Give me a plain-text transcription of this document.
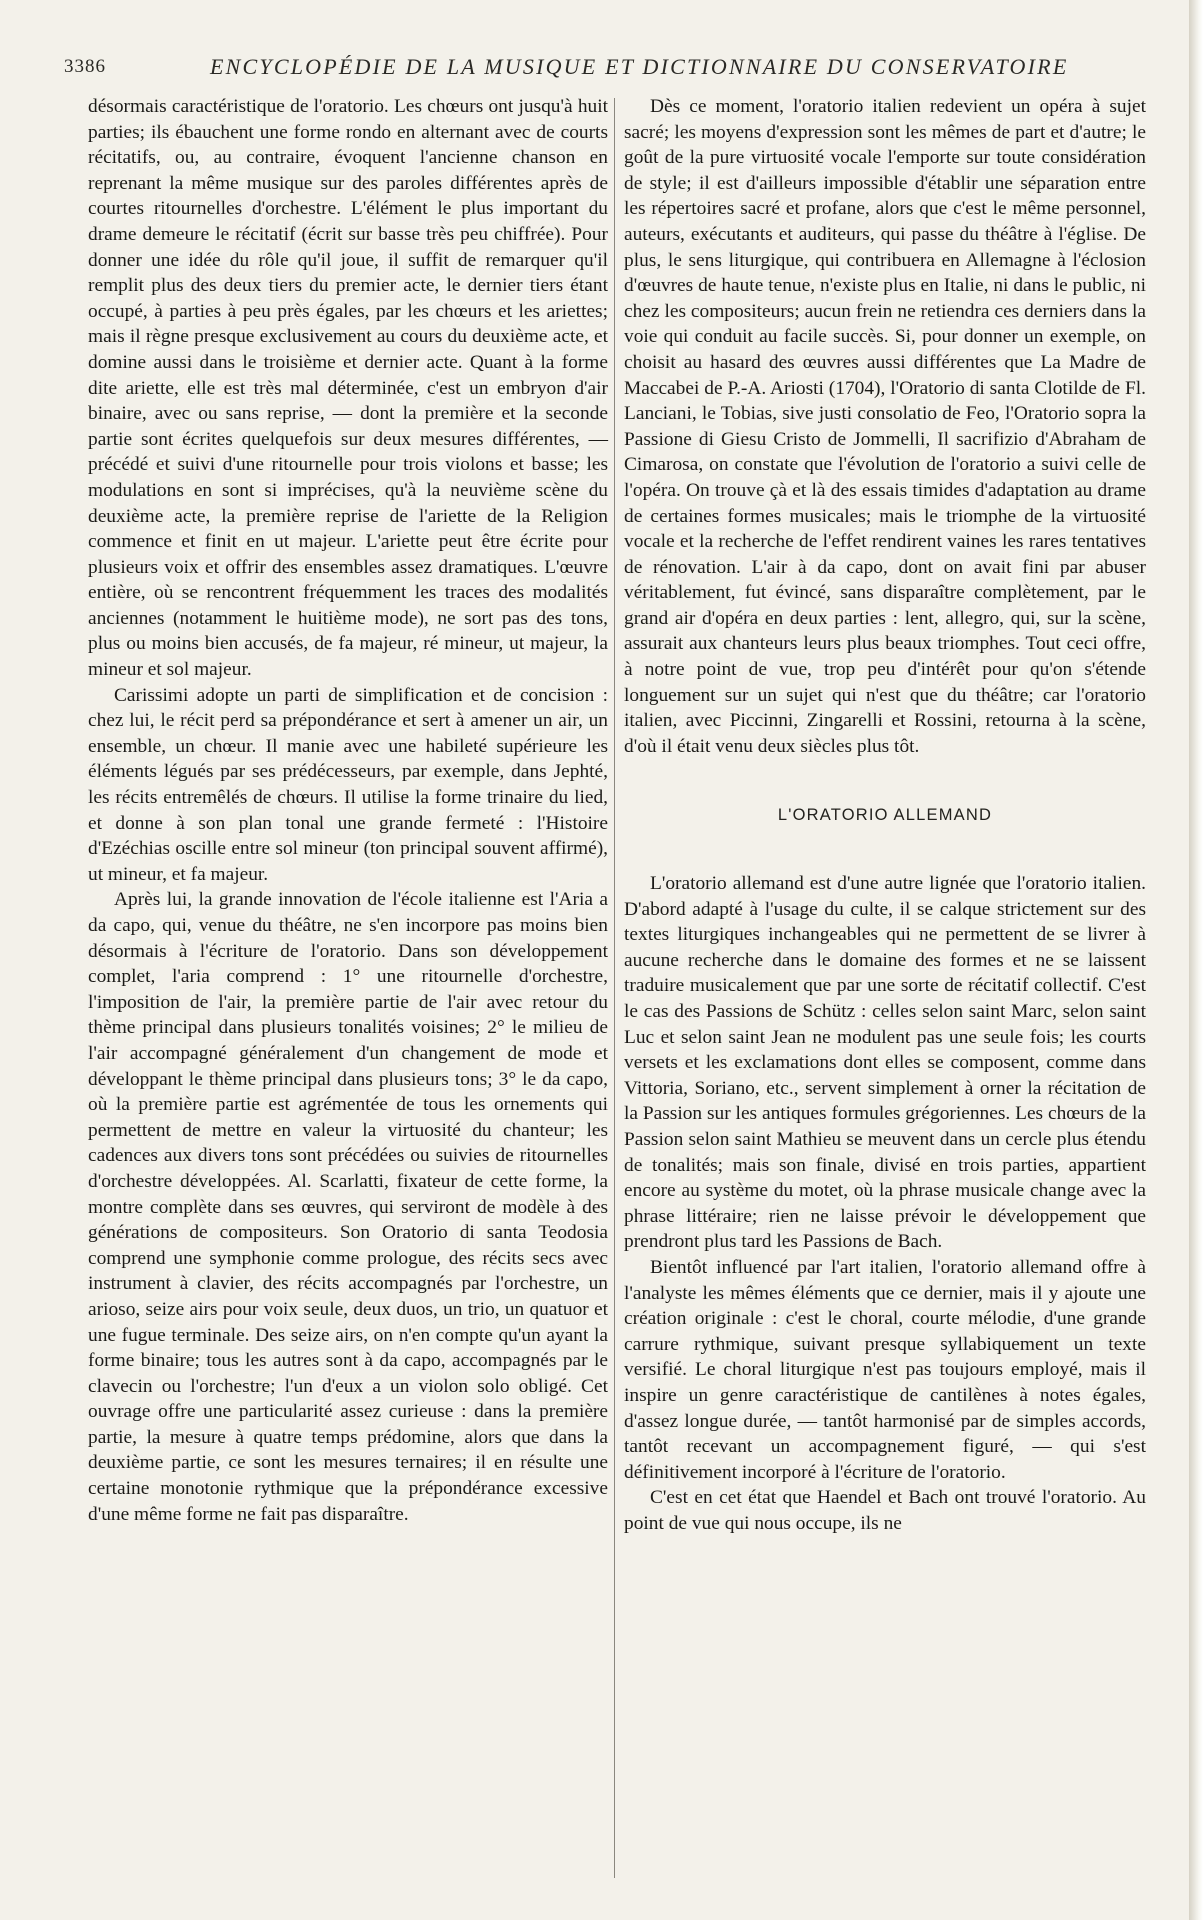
3386	ENCYCLOPÉDIE DE LA MUSIQUE ET DICTIONNAIRE DU CONSERVATOIRE

désormais caractéristique de l'oratorio. Les chœurs ont jusqu'à huit parties; ils ébauchent une forme rondo en alternant avec de courts récitatifs, ou, au contraire, évoquent l'ancienne chanson en reprenant la même musique sur des paroles différentes après de courtes ritournelles d'orchestre. L'élément le plus important du drame demeure le récitatif (écrit sur basse très peu chiffrée). Pour donner une idée du rôle qu'il joue, il suffit de remarquer qu'il remplit plus des deux tiers du premier acte, le dernier tiers étant occupé, à parties à peu près égales, par les chœurs et les ariettes; mais il règne presque exclusivement au cours du deuxième acte, et domine aussi dans le troisième et dernier acte. Quant à la forme dite ariette, elle est très mal déterminée, c'est un embryon d'air binaire, avec ou sans reprise, — dont la première et la seconde partie sont écrites quelquefois sur deux mesures différentes, — précédé et suivi d'une ritournelle pour trois violons et basse; les modulations en sont si imprécises, qu'à la neuvième scène du deuxième acte, la première reprise de l'ariette de la Religion commence et finit en ut majeur. L'ariette peut être écrite pour plusieurs voix et offrir des ensembles assez dramatiques. L'œuvre entière, où se rencontrent fréquemment les traces des modalités anciennes (notamment le huitième mode), ne sort pas des tons, plus ou moins bien accusés, de fa majeur, ré mineur, ut majeur, la mineur et sol majeur.

Carissimi adopte un parti de simplification et de concision : chez lui, le récit perd sa prépondérance et sert à amener un air, un ensemble, un chœur. Il manie avec une habileté supérieure les éléments légués par ses prédécesseurs, par exemple, dans Jephté, les récits entremêlés de chœurs. Il utilise la forme trinaire du lied, et donne à son plan tonal une grande fermeté : l'Histoire d'Ezéchias oscille entre sol mineur (ton principal souvent affirmé), ut mineur, et fa majeur.

Après lui, la grande innovation de l'école italienne est l'Aria a da capo, qui, venue du théâtre, ne s'en incorpore pas moins bien désormais à l'écriture de l'oratorio. Dans son développement complet, l'aria comprend : 1° une ritournelle d'orchestre, l'imposition de l'air, la première partie de l'air avec retour du thème principal dans plusieurs tonalités voisines; 2° le milieu de l'air accompagné généralement d'un changement de mode et développant le thème principal dans plusieurs tons; 3° le da capo, où la première partie est agrémentée de tous les ornements qui permettent de mettre en valeur la virtuosité du chanteur; les cadences aux divers tons sont précédées ou suivies de ritournelles d'orchestre développées. Al. Scarlatti, fixateur de cette forme, la montre complète dans ses œuvres, qui serviront de modèle à des générations de compositeurs. Son Oratorio di santa Teodosia comprend une symphonie comme prologue, des récits secs avec instrument à clavier, des récits accompagnés par l'orchestre, un arioso, seize airs pour voix seule, deux duos, un trio, un quatuor et une fugue terminale. Des seize airs, on n'en compte qu'un ayant la forme binaire; tous les autres sont à da capo, accompagnés par le clavecin ou l'orchestre; l'un d'eux a un violon solo obligé. Cet ouvrage offre une particularité assez curieuse : dans la première partie, la mesure à quatre temps prédomine, alors que dans la deuxième partie, ce sont les mesures ternaires; il en résulte une certaine monotonie rythmique que la prépondérance excessive d'une même forme ne fait pas disparaître.

Dès ce moment, l'oratorio italien redevient un opéra à sujet sacré; les moyens d'expression sont les mêmes de part et d'autre; le goût de la pure virtuosité vocale l'emporte sur toute considération de style; il est d'ailleurs impossible d'établir une séparation entre les répertoires sacré et profane, alors que c'est le même personnel, auteurs, exécutants et auditeurs, qui passe du théâtre à l'église. De plus, le sens liturgique, qui contribuera en Allemagne à l'éclosion d'œuvres de haute tenue, n'existe plus en Italie, ni dans le public, ni chez les compositeurs; aucun frein ne retiendra ces derniers dans la voie qui conduit au facile succès. Si, pour donner un exemple, on choisit au hasard des œuvres aussi différentes que La Madre de Maccabei de P.-A. Ariosti (1704), l'Oratorio di santa Clotilde de Fl. Lanciani, le Tobias, sive justi consolatio de Feo, l'Oratorio sopra la Passione di Giesu Cristo de Jommelli, Il sacrifizio d'Abraham de Cimarosa, on constate que l'évolution de l'oratorio a suivi celle de l'opéra. On trouve çà et là des essais timides d'adaptation au drame de certaines formes musicales; mais le triomphe de la virtuosité vocale et la recherche de l'effet rendirent vaines les rares tentatives de rénovation. L'air à da capo, dont on avait fini par abuser véritablement, fut évincé, sans disparaître complètement, par le grand air d'opéra en deux parties : lent, allegro, qui, sur la scène, assurait aux chanteurs leurs plus beaux triomphes. Tout ceci offre, à notre point de vue, trop peu d'intérêt pour qu'on s'étende longuement sur un sujet qui n'est que du théâtre; car l'oratorio italien, avec Piccinni, Zingarelli et Rossini, retourna à la scène, d'où il était venu deux siècles plus tôt.

L'ORATORIO ALLEMAND

L'oratorio allemand est d'une autre lignée que l'oratorio italien. D'abord adapté à l'usage du culte, il se calque strictement sur des textes liturgiques inchangeables qui ne permettent de se livrer à aucune recherche dans le domaine des formes et ne se laissent traduire musicalement que par une sorte de récitatif collectif. C'est le cas des Passions de Schütz : celles selon saint Marc, selon saint Luc et selon saint Jean ne modulent pas une seule fois; les courts versets et les exclamations dont elles se composent, comme dans Vittoria, Soriano, etc., servent simplement à orner la récitation de la Passion sur les antiques formules grégoriennes. Les chœurs de la Passion selon saint Mathieu se meuvent dans un cercle plus étendu de tonalités; mais son finale, divisé en trois parties, appartient encore au système du motet, où la phrase musicale change avec la phrase littéraire; rien ne laisse prévoir le développement que prendront plus tard les Passions de Bach.

Bientôt influencé par l'art italien, l'oratorio allemand offre à l'analyste les mêmes éléments que ce dernier, mais il y ajoute une création originale : c'est le choral, courte mélodie, d'une grande carrure rythmique, suivant presque syllabiquement un texte versifié. Le choral liturgique n'est pas toujours employé, mais il inspire un genre caractéristique de cantilènes à notes égales, d'assez longue durée, — tantôt harmonisé par de simples accords, tantôt recevant un accompagnement figuré, — qui s'est définitivement incorporé à l'écriture de l'oratorio.

C'est en cet état que Haendel et Bach ont trouvé l'oratorio. Au point de vue qui nous occupe, ils ne
